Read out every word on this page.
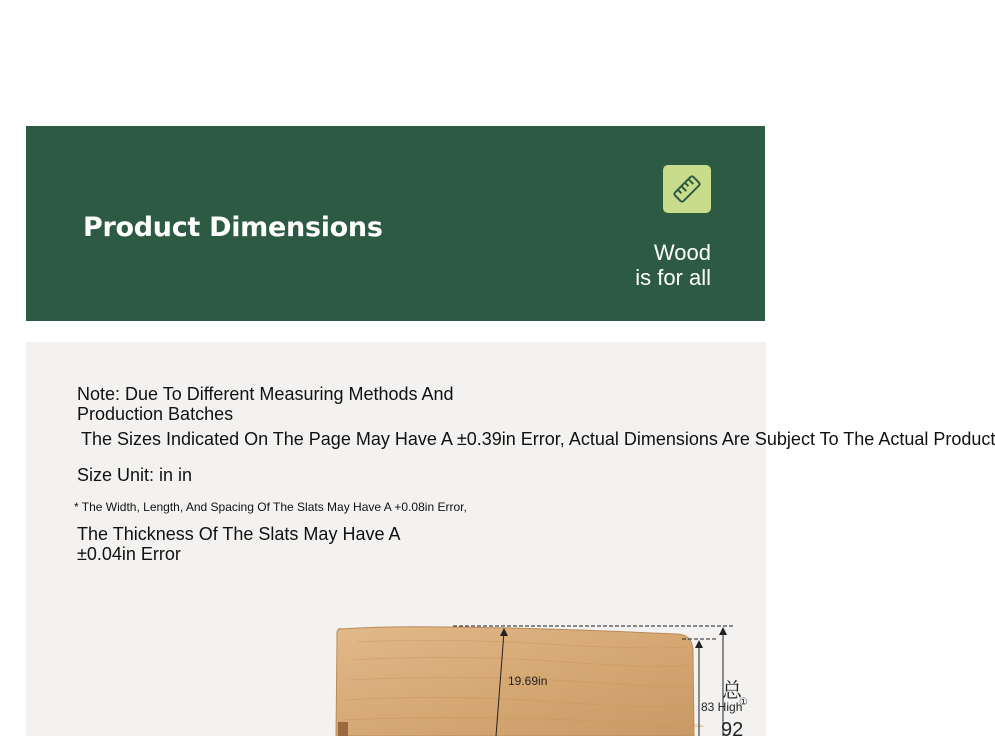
Product Dimensions
Wood
is for all
Note: Due To Different Measuring Methods And Production Batches
The Sizes Indicated On The Page May Have A ±0.39in Error, Actual Dimensions Are Subject To The Actual Product
Size Unit: in in
* The Width, Length, And Spacing Of The Slats May Have A +0.08in Error,
The Thickness Of The Slats May Have A ±0.04in Error
19.69in
83 High
总
①
92
